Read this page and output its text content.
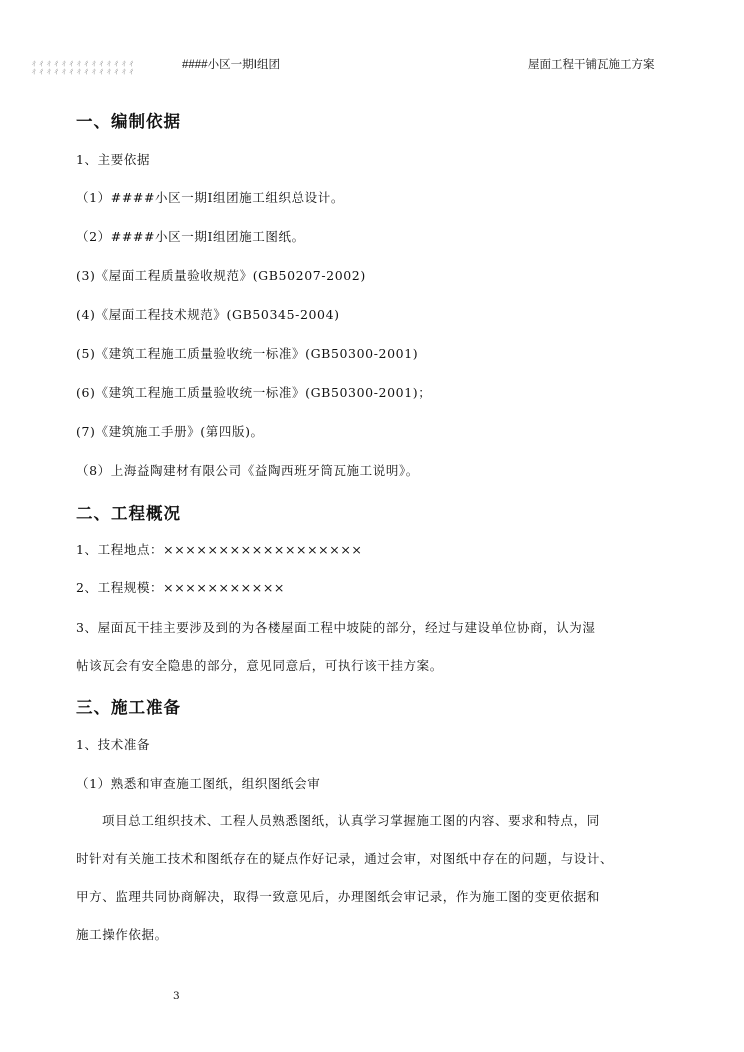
ㄔㄔㄔㄔㄔㄔㄔㄔㄔㄔㄔㄔㄔㄔ
ㄔㄔㄔㄔㄔㄔㄔㄔㄔㄔㄔㄔㄔㄔ
####小区一期Ⅰ组团	屋面工程干铺瓦施工方案
一、编制依据
1、主要依据
（1）####小区一期Ⅰ组团施工组织总设计。
（2）####小区一期Ⅰ组团施工图纸。
(3)《屋面工程质量验收规范》(GB50207-2002)
(4)《屋面工程技术规范》(GB50345-2004)
(5)《建筑工程施工质量验收统一标准》(GB50300-2001)
(6)《建筑工程施工质量验收统一标准》(GB50300-2001)；
(7)《建筑施工手册》(第四版)。
（8）上海益陶建材有限公司《益陶西班牙筒瓦施工说明》。
二、工程概况
1、工程地点：××××××××××××××××××
2、工程规模：×××××××××××
3、屋面瓦干挂主要涉及到的为各楼屋面工程中坡陡的部分，经过与建设单位协商，认为湿
帖该瓦会有安全隐患的部分，意见同意后，可执行该干挂方案。
三、施工准备
1、技术准备
（1）熟悉和审查施工图纸，组织图纸会审
项目总工组织技术、工程人员熟悉图纸，认真学习掌握施工图的内容、要求和特点，同
时针对有关施工技术和图纸存在的疑点作好记录，通过会审，对图纸中存在的问题，与设计、
甲方、监理共同协商解决，取得一致意见后，办理图纸会审记录，作为施工图的变更依据和
施工操作依据。
3
